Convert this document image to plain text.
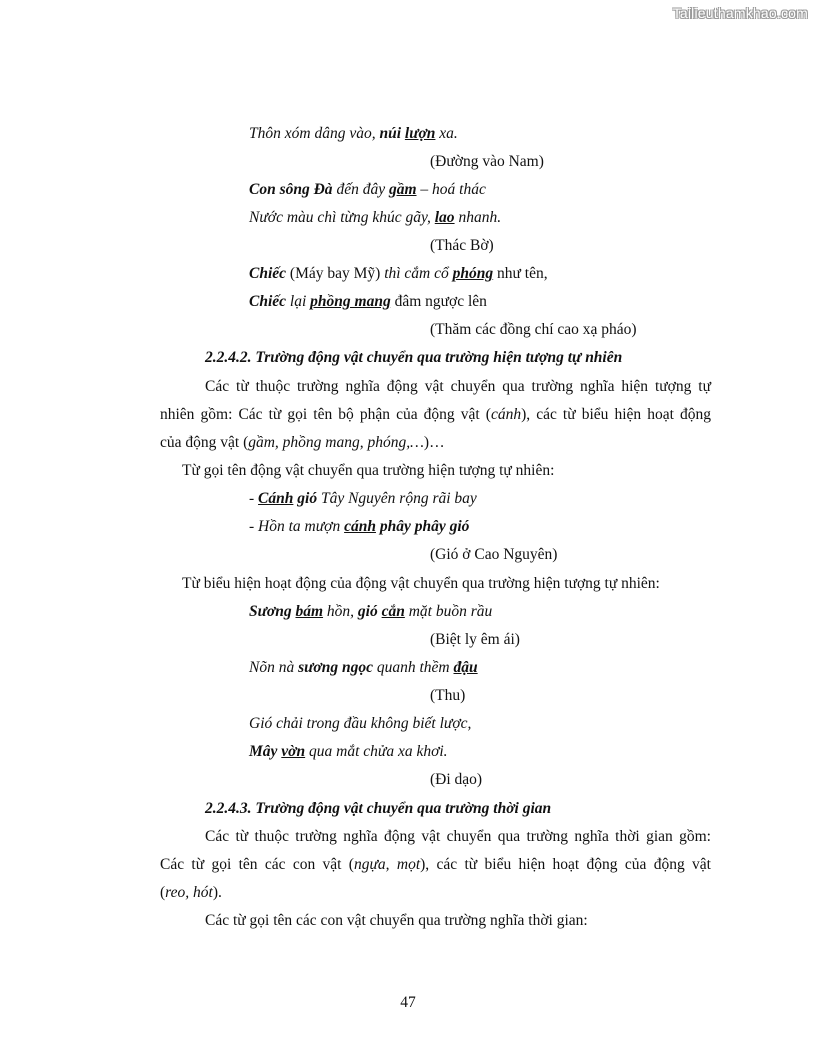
Tailieuthamkhao.com
Thôn xóm dâng vào, núi lượn xa.
(Đường vào Nam)
Con sông Đà đến đây gầm – hoá thác
Nước màu chì từng khúc gãy, lao nhanh.
(Thác Bờ)
Chiếc (Máy bay Mỹ) thì cắm cổ phóng như tên,
Chiếc lại phồng mang đâm ngược lên
(Thăm các đồng chí cao xạ pháo)
2.2.4.2. Trường động vật chuyển qua trường hiện tượng tự nhiên
Các từ thuộc trường nghĩa động vật chuyển qua trường nghĩa hiện tượng tự
nhiên gồm: Các từ gọi tên bộ phận của động vật (cánh), các từ biểu hiện hoạt động
của động vật (gầm, phồng mang, phóng,…)…
Từ gọi tên động vật chuyển qua trường hiện tượng tự nhiên:
- Cánh gió Tây Nguyên rộng rãi bay
- Hồn ta mượn cánh phây phây gió
(Gió ở Cao Nguyên)
Từ biểu hiện hoạt động của động vật chuyển qua trường hiện tượng tự nhiên:
Sương bám hồn, gió cắn mặt buồn rầu
(Biệt ly êm ái)
Nõn nà sương ngọc quanh thềm đậu
(Thu)
Gió chải trong đầu không biết lược,
Mây vờn qua mắt chửa xa khơi.
(Đi dạo)
2.2.4.3. Trường động vật chuyển qua trường thời gian
Các từ thuộc trường nghĩa động vật chuyển qua trường nghĩa thời gian gồm:
Các từ gọi tên các con vật (ngựa, mọt), các từ biểu hiện hoạt động của động vật
(reo, hót).
Các từ gọi tên các con vật chuyển qua trường nghĩa thời gian:
47
